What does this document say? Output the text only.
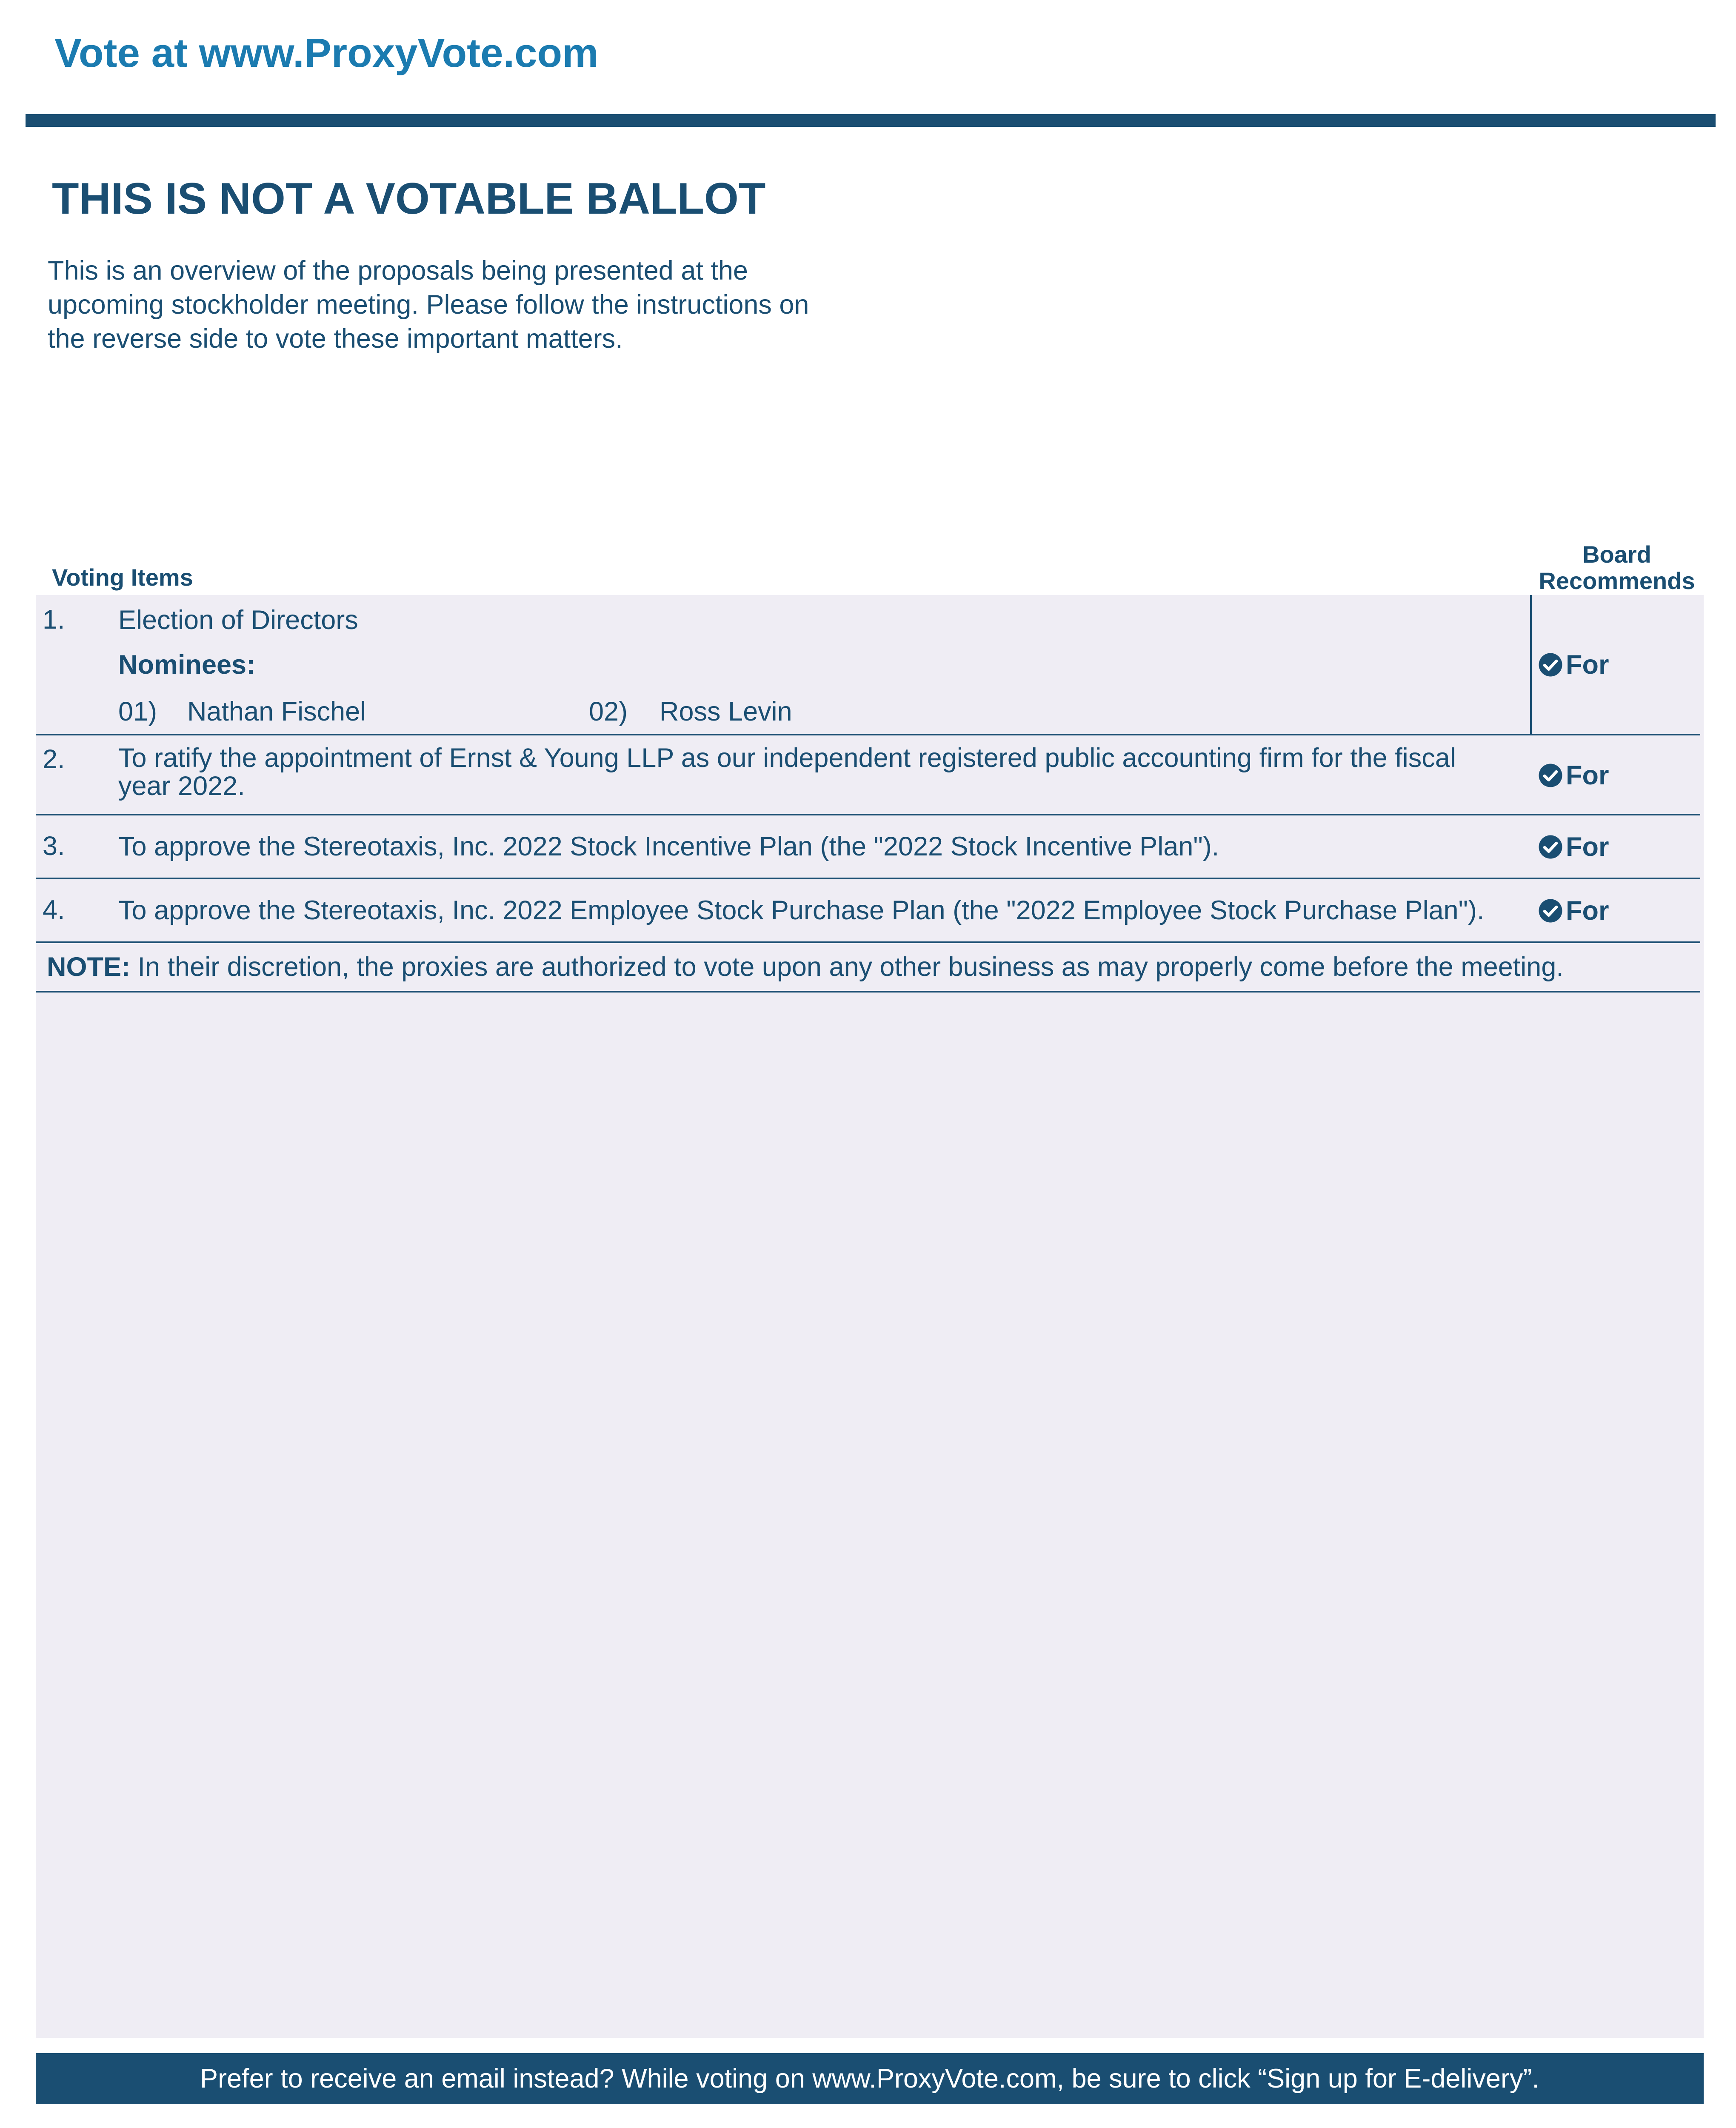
Vote at www.ProxyVote.com
THIS IS NOT A VOTABLE BALLOT
This is an overview of the proposals being presented at the
upcoming stockholder meeting. Please follow the instructions on
the reverse side to vote these important matters.
Voting Items
Board
Recommends
1. Election of Directors
Nominees:
01) Nathan Fischel	02) Ross Levin
For
2. To ratify the appointment of Ernst & Young LLP as our independent registered public accounting firm for the fiscal
year 2022.	For
3. To approve the Stereotaxis, Inc. 2022 Stock Incentive Plan (the "2022 Stock Incentive Plan").	For
4. To approve the Stereotaxis, Inc. 2022 Employee Stock Purchase Plan (the "2022 Employee Stock Purchase Plan").	For
NOTE: In their discretion, the proxies are authorized to vote upon any other business as may properly come before the meeting.
Prefer to receive an email instead? While voting on www.ProxyVote.com, be sure to click “Sign up for E-delivery”.
